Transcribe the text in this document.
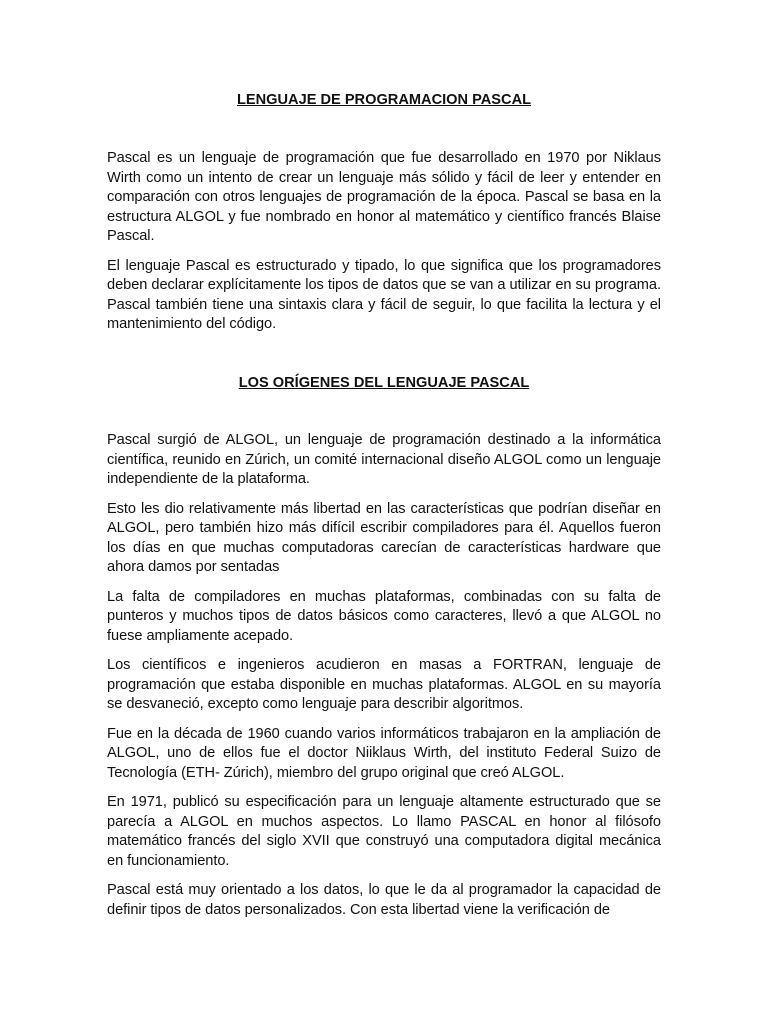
LENGUAJE DE PROGRAMACION PASCAL

Pascal es un lenguaje de programación que fue desarrollado en 1970 por Niklaus Wirth como un intento de crear un lenguaje más sólido y fácil de leer y entender en comparación con otros lenguajes de programación de la época. Pascal se basa en la estructura ALGOL y fue nombrado en honor al matemático y científico francés Blaise Pascal.

El lenguaje Pascal es estructurado y tipado, lo que significa que los programadores deben declarar explícitamente los tipos de datos que se van a utilizar en su programa. Pascal también tiene una sintaxis clara y fácil de seguir, lo que facilita la lectura y el mantenimiento del código.

LOS ORÍGENES DEL LENGUAJE PASCAL

Pascal surgió de ALGOL, un lenguaje de programación destinado a la informática científica, reunido en Zúrich, un comité internacional diseño ALGOL como un lenguaje independiente de la plataforma.

Esto les dio relativamente más libertad en las características que podrían diseñar en ALGOL, pero también hizo más difícil escribir compiladores para él. Aquellos fueron los días en que muchas computadoras carecían de características hardware que ahora damos por sentadas

La falta de compiladores en muchas plataformas, combinadas con su falta de punteros y muchos tipos de datos básicos como caracteres, llevó a que ALGOL no fuese ampliamente acepado.

Los científicos e ingenieros acudieron en masas a FORTRAN, lenguaje de programación que estaba disponible en muchas plataformas. ALGOL en su mayoría se desvaneció, excepto como lenguaje para describir algoritmos.

Fue en la década de 1960 cuando varios informáticos trabajaron en la ampliación de ALGOL, uno de ellos fue el doctor Niiklaus Wirth, del instituto Federal Suizo de Tecnología (ETH- Zúrich), miembro del grupo original que creó ALGOL.

En 1971, publicó su especificación para un lenguaje altamente estructurado que se parecía a ALGOL en muchos aspectos. Lo llamo PASCAL en honor al filósofo matemático francés del siglo XVII que construyó una computadora digital mecánica en funcionamiento.

Pascal está muy orientado a los datos, lo que le da al programador la capacidad de definir tipos de datos personalizados. Con esta libertad viene la verificación de
